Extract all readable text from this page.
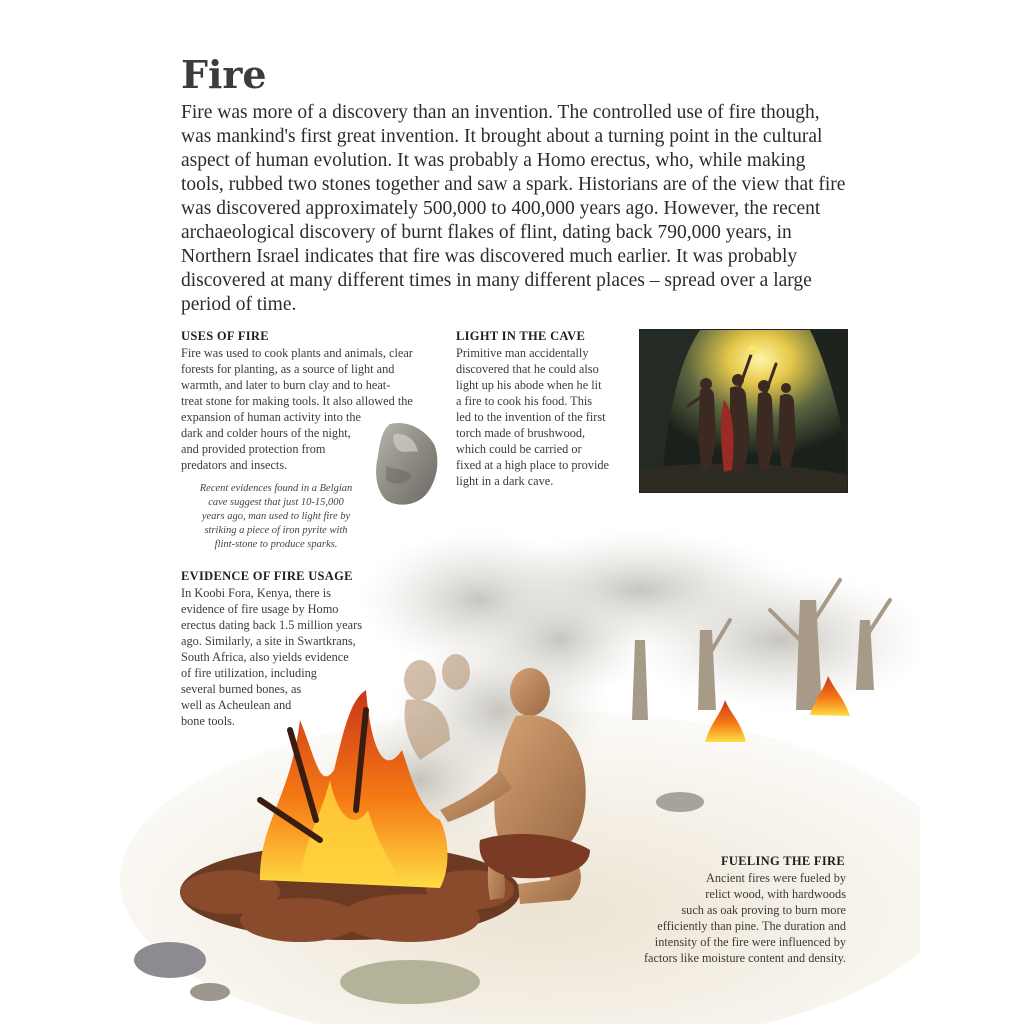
Fire

Fire was more of a discovery than an invention. The controlled use of fire though, was mankind's first great invention. It brought about a turning point in the cultural aspect of human evolution. It was probably a Homo erectus, who, while making tools, rubbed two stones together and saw a spark. Historians are of the view that fire was discovered approximately 500,000 to 400,000 years ago. However, the recent archaeological discovery of burnt flakes of flint, dating back 790,000 years, in Northern Israel indicates that fire was discovered much earlier. It was probably discovered at many different times in many different places – spread over a large period of time.

USES OF FIRE

Fire was used to cook plants and animals, clear
forests for planting, as a source of light and
warmth, and later to burn clay and to heat-
treat stone for making tools. It also allowed the
expansion of human activity into the
dark and colder hours of the night,
and provided protection from
predators and insects.

Recent evidences found in a Belgian
cave suggest that just 10-15,000
years ago, man used to light fire by
striking a piece of iron pyrite with
flint-stone to produce sparks.

LIGHT IN THE CAVE

Primitive man accidentally
discovered that he could also
light up his abode when he lit
a fire to cook his food. This
led to the invention of the first
torch made of brushwood,
which could be carried or
fixed at a high place to provide
light in a dark cave.

EVIDENCE OF FIRE USAGE

In Koobi Fora, Kenya, there is
evidence of fire usage by Homo
erectus dating back 1.5 million years
ago. Similarly, a site in Swartkrans,
South Africa, also yields evidence
of fire utilization, including
several burned bones, as
well as Acheulean and
bone tools.

FUELING THE FIRE

Ancient fires were fueled by
relict wood, with hardwoods
such as oak proving to burn more
efficiently than pine. The duration and
intensity of the fire were influenced by
factors like moisture content and density.
